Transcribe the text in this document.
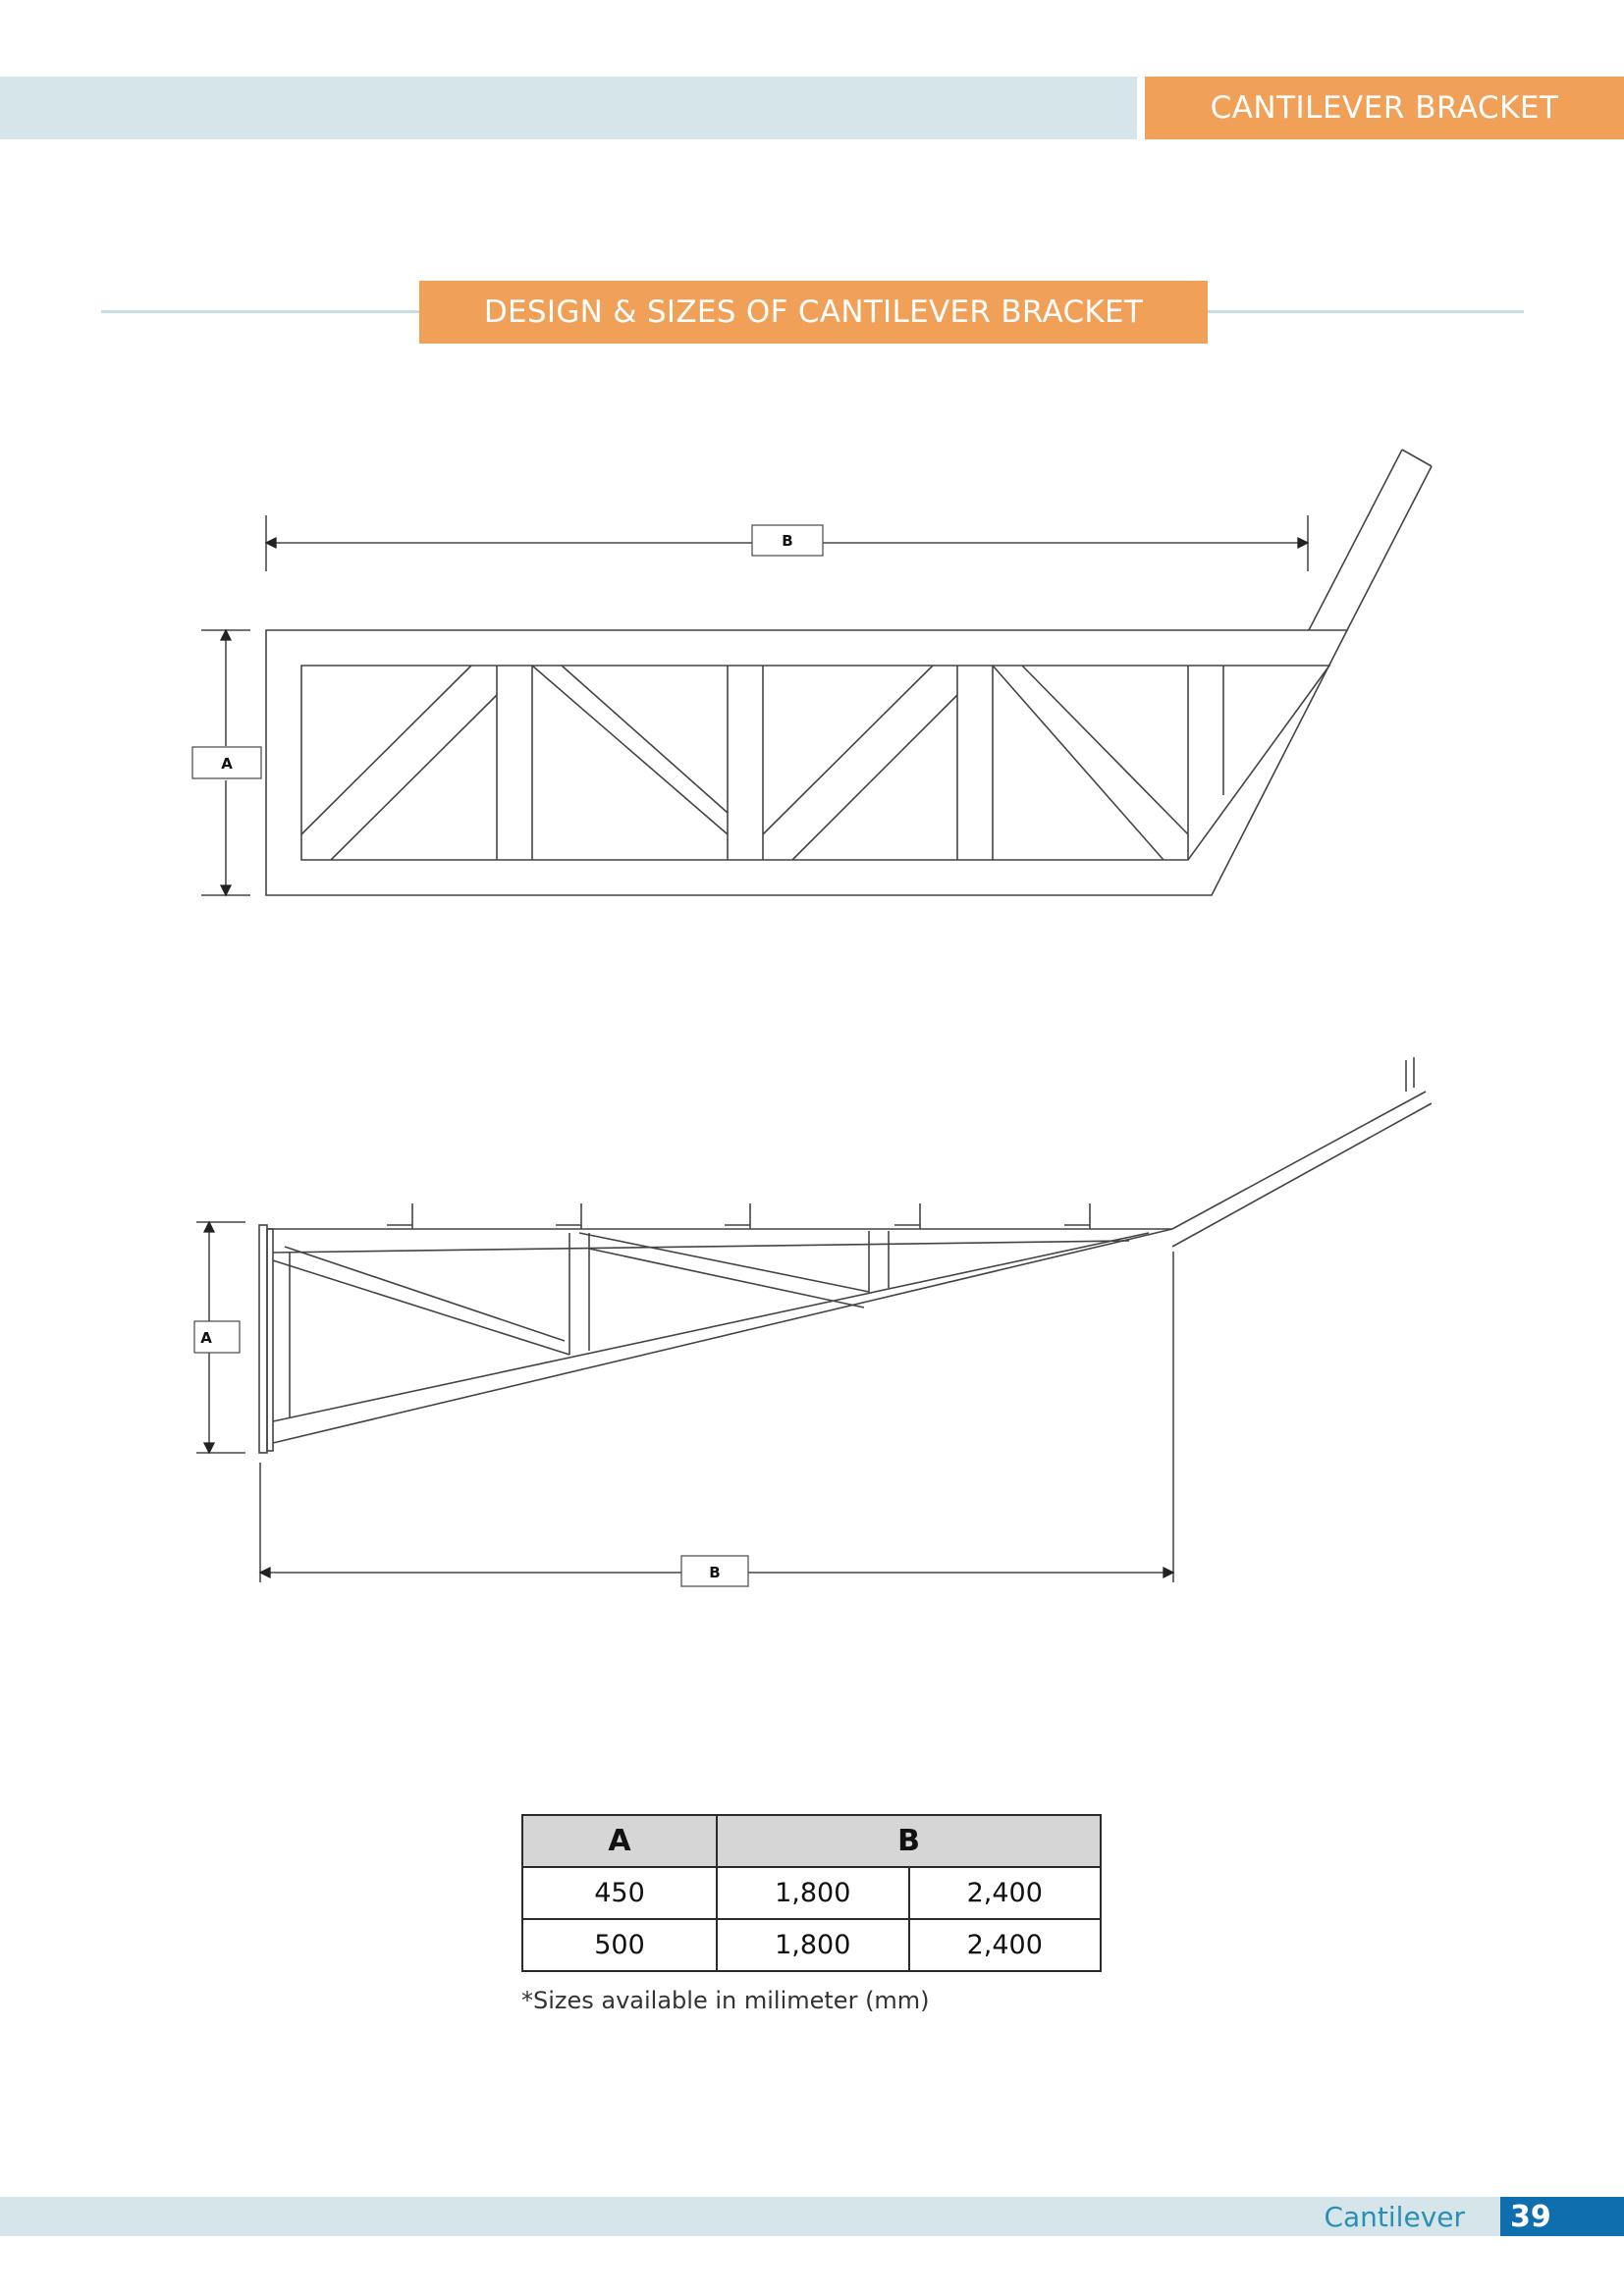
CANTILEVER BRACKET
DESIGN & SIZES OF CANTILEVER BRACKET
B
A
A
B
A	B	
450	1,800	2,400
500	1,800	2,400
*Sizes available in milimeter (mm)
Cantilever	39
